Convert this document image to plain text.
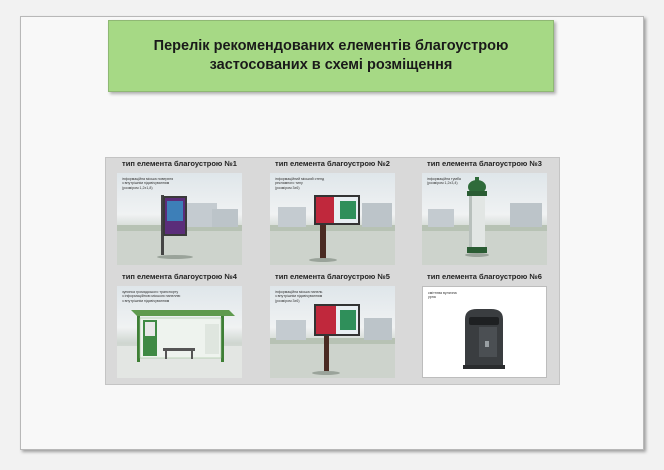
Перелік рекомендованих елементів благоустрою
застосованих в схемі розміщення
тип елемента благоустрою №1
інформаційна міська поверхня
з внутрішнім підсвічуванням
(розміром 1,2х1,8)
тип елемента благоустрою №2
інформаційний міський стенд
рекламного типу
(розміром 3х6)
тип елемента благоустрою №3
інформаційна тумба
(розміром 1,2х3,4)
тип елемента благоустрою №4
зупинка громадського транспорту
з інформаційною міською панеллю
з внутрішнім підсвічуванням
тип елемента благоустрою №5
інформаційна міська панель
з внутрішнім підсвічуванням
(розміром 3х6)
тип елемента благоустрою №6
сміттєва вулична
урна
